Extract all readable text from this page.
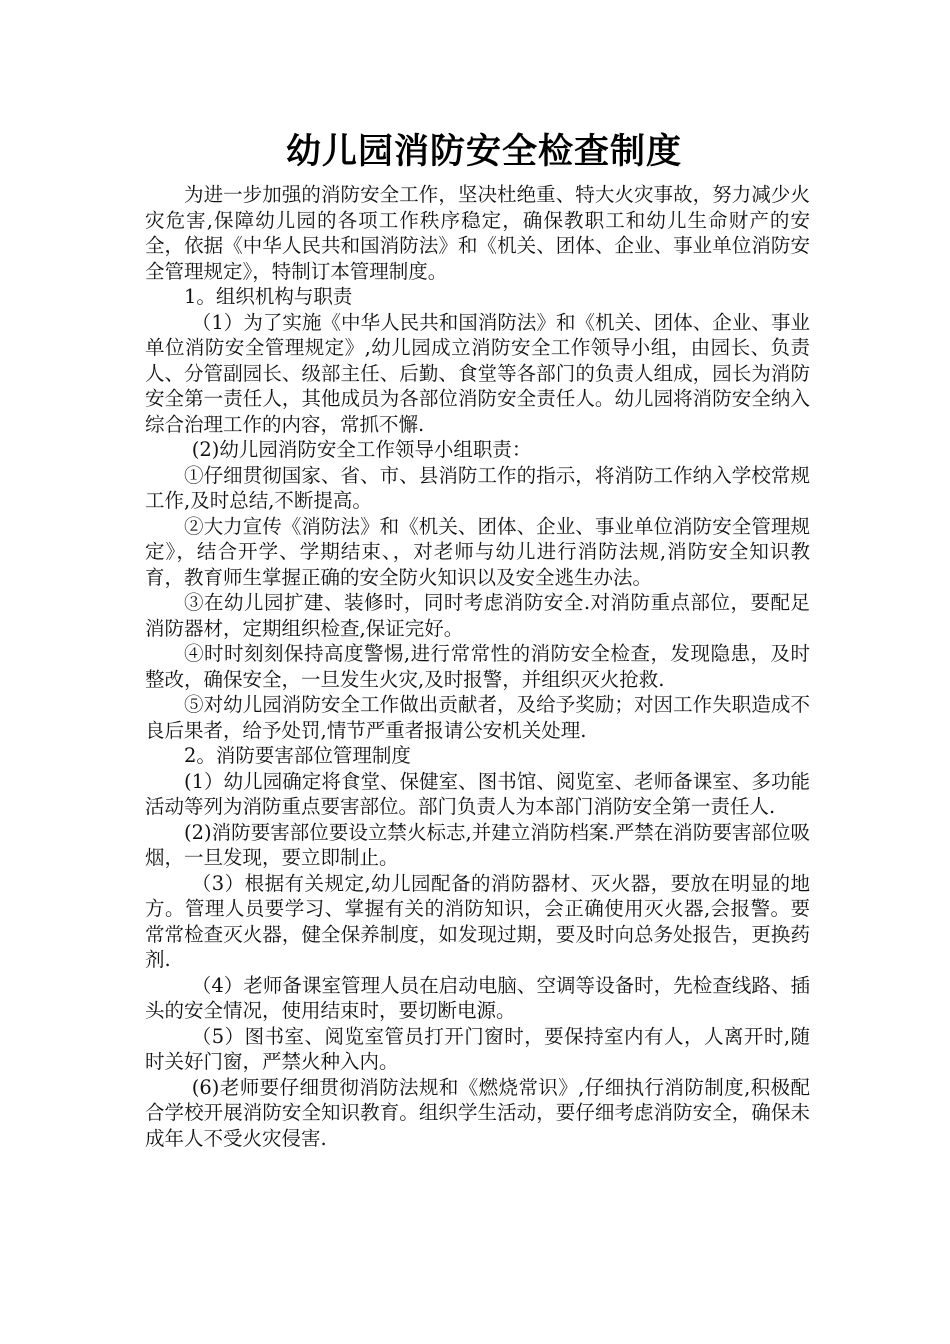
幼儿园消防安全检查制度

为进一步加强的消防安全工作，坚决杜绝重、特大火灾事故，努力减少火灾危害,保障幼儿园的各项工作秩序稳定，确保教职工和幼儿生命财产的安全，依据《中华人民共和国消防法》和《机关、团体、企业、事业单位消防安全管理规定》，特制订本管理制度。

1。组织机构与职责

（1）为了实施《中华人民共和国消防法》和《机关、团体、企业、事业单位消防安全管理规定》,幼儿园成立消防安全工作领导小组，由园长、负责人、分管副园长、级部主任、后勤、食堂等各部门的负责人组成，园长为消防安全第一责任人，其他成员为各部位消防安全责任人。幼儿园将消防安全纳入综合治理工作的内容，常抓不懈.

(2)幼儿园消防安全工作领导小组职责：

①仔细贯彻国家、省、市、县消防工作的指示，将消防工作纳入学校常规工作,及时总结,不断提高。

②大力宣传《消防法》和《机关、团体、企业、事业单位消防安全管理规定》，结合开学、学期结束、，对老师与幼儿进行消防法规,消防安全知识教育，教育师生掌握正确的安全防火知识以及安全逃生办法。

③在幼儿园扩建、装修时，同时考虑消防安全.对消防重点部位，要配足消防器材，定期组织检查,保证完好。

④时时刻刻保持高度警惕,进行常常性的消防安全检查，发现隐患，及时整改，确保安全，一旦发生火灾,及时报警，并组织灭火抢救.

⑤对幼儿园消防安全工作做出贡献者，及给予奖励；对因工作失职造成不良后果者，给予处罚,情节严重者报请公安机关处理.

2。消防要害部位管理制度

(1）幼儿园确定将食堂、保健室、图书馆、阅览室、老师备课室、多功能活动等列为消防重点要害部位。部门负责人为本部门消防安全第一责任人.

(2)消防要害部位要设立禁火标志,并建立消防档案.严禁在消防要害部位吸烟，一旦发现，要立即制止。

（3）根据有关规定,幼儿园配备的消防器材、灭火器，要放在明显的地方。管理人员要学习、掌握有关的消防知识，会正确使用灭火器,会报警。要常常检查灭火器，健全保养制度，如发现过期，要及时向总务处报告，更换药剂.

（4）老师备课室管理人员在启动电脑、空调等设备时，先检查线路、插头的安全情况，使用结束时，要切断电源。

（5）图书室、阅览室管员打开门窗时，要保持室内有人，人离开时,随时关好门窗，严禁火种入内。

(6)老师要仔细贯彻消防法规和《燃烧常识》,仔细执行消防制度,积极配合学校开展消防安全知识教育。组织学生活动，要仔细考虑消防安全，确保未成年人不受火灾侵害.
